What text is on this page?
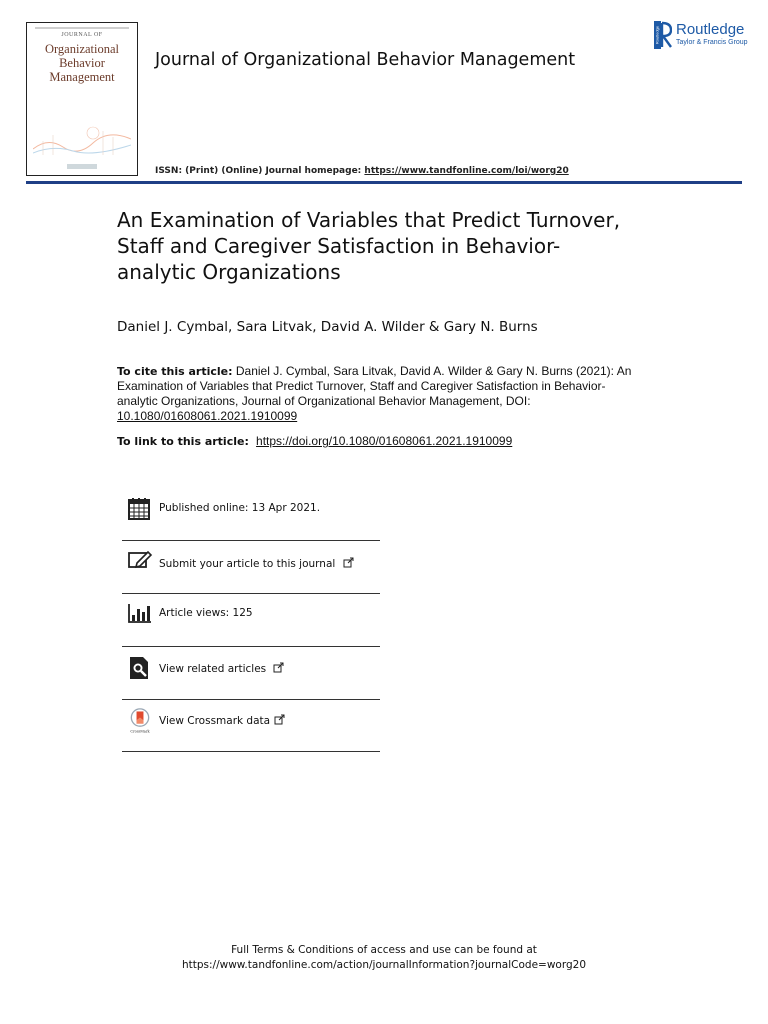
JOURNAL OF
Organizational
Behavior
Management
Journal of Organizational Behavior Management
Routledge Routledge
Taylor & Francis Group
ISSN: (Print) (Online) Journal homepage: https://www.tandfonline.com/loi/worg20
An Examination of Variables that Predict Turnover,
Staff and Caregiver Satisfaction in Behavior-
analytic Organizations
Daniel J. Cymbal, Sara Litvak, David A. Wilder & Gary N. Burns
To cite this article: Daniel J. Cymbal, Sara Litvak, David A. Wilder & Gary N. Burns (2021): An Examination of Variables that Predict Turnover, Staff and Caregiver Satisfaction in Behavior-analytic Organizations, Journal of Organizational Behavior Management, DOI: 10.1080/01608061.2021.1910099
To link to this article:  https://doi.org/10.1080/01608061.2021.1910099
Published online: 13 Apr 2021.
Submit your article to this journal
Article views: 125
View related articles
CrossMark
View Crossmark data
Full Terms & Conditions of access and use can be found at
https://www.tandfonline.com/action/journalInformation?journalCode=worg20
